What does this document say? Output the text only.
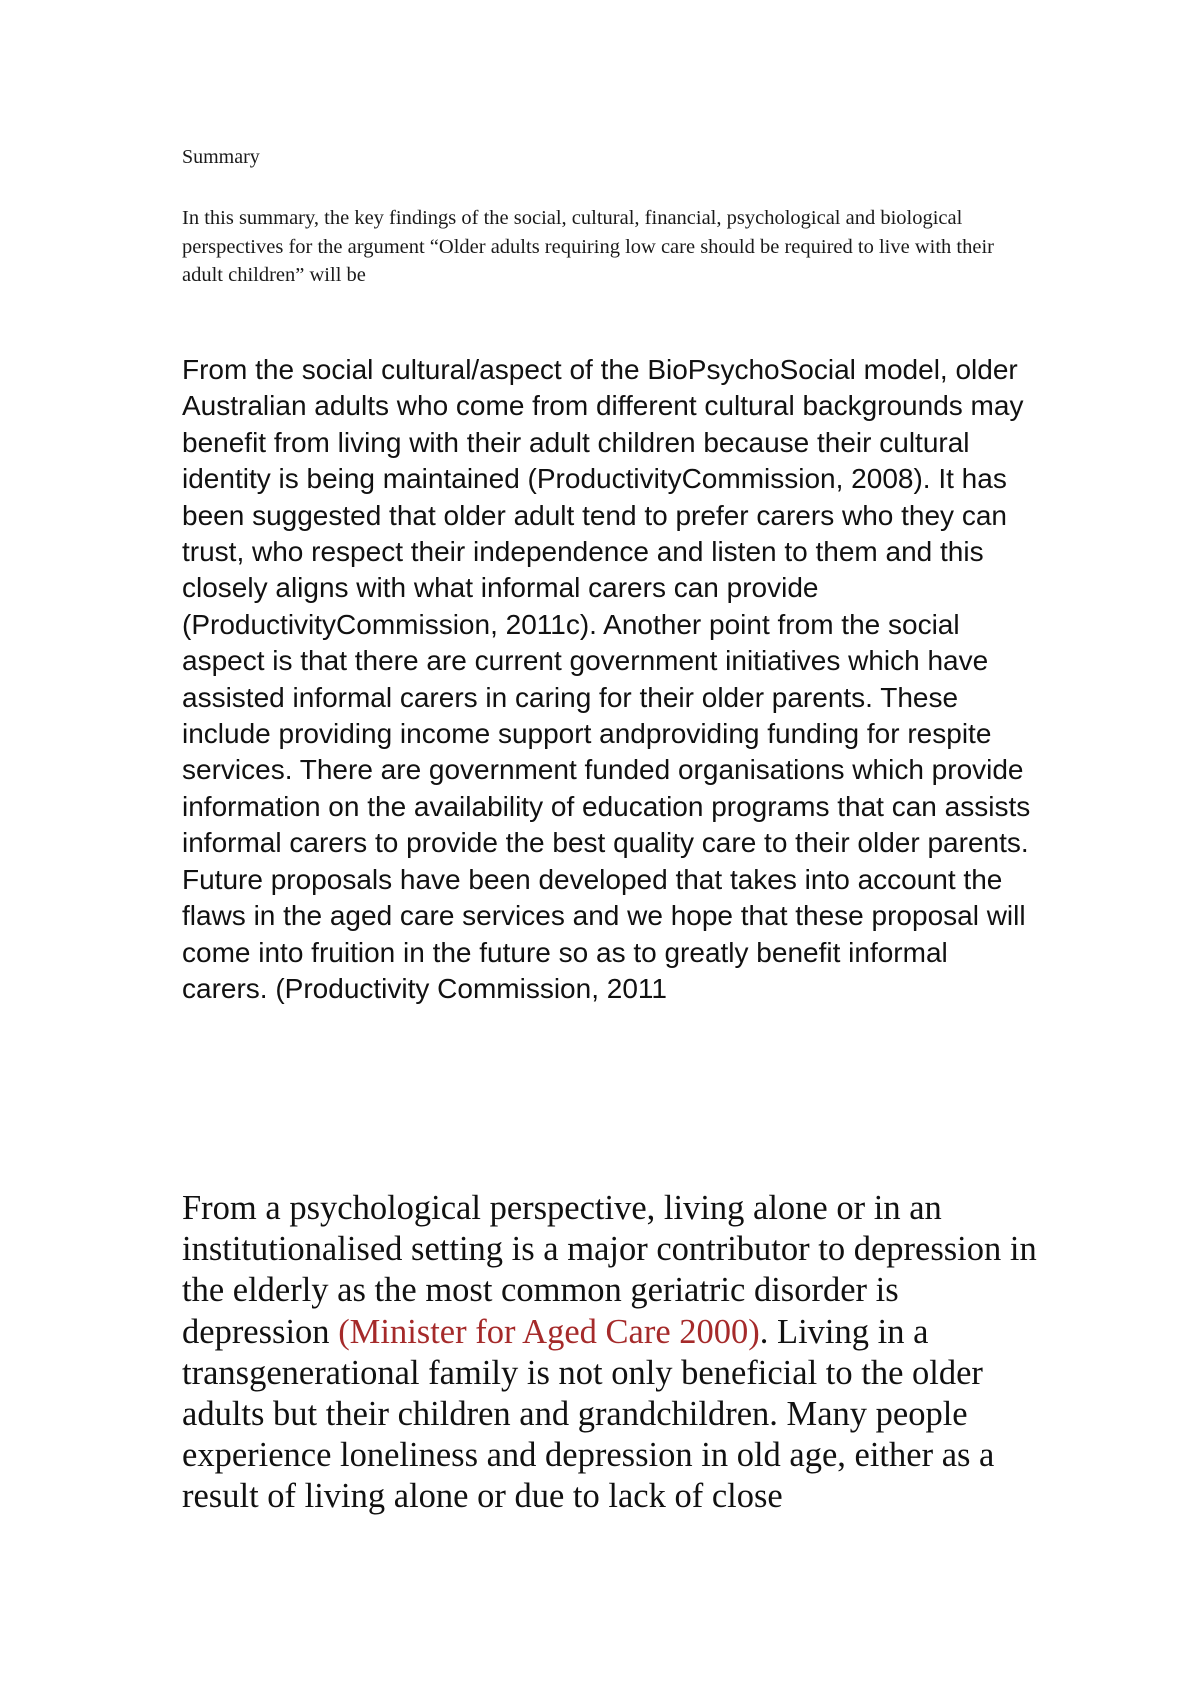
Summary

In this summary, the key findings of the social, cultural, financial, psychological and biological perspectives for the argument “Older adults requiring low care should be required to live with their adult children” will be

From the social cultural/aspect of the BioPsychoSocial model, older Australian adults who come from different cultural backgrounds may benefit from living with their adult children because their cultural identity is being maintained (ProductivityCommission, 2008). It has been suggested that older adult tend to prefer carers who they can trust, who respect their independence and listen to them and this closely aligns with what informal carers can provide (ProductivityCommission, 2011c). Another point from the social aspect is that there are current government initiatives which have assisted informal carers in caring for their older parents. These include providing income support andproviding funding for respite services. There are government funded organisations which provide information on the availability of education programs that can assists informal carers to provide the best quality care to their older parents. Future proposals have been developed that takes into account the flaws in the aged care services and we hope that these proposal will come into fruition in the future so as to greatly benefit informal carers. (Productivity Commission, 2011

From a psychological perspective, living alone or in an institutionalised setting is a major contributor to depression in the elderly as the most common geriatric disorder is depression (Minister for Aged Care 2000). Living in a transgenerational family is not only beneficial to the older adults but their children and grandchildren. Many people experience loneliness and depression in old age, either as a result of living alone or due to lack of close
